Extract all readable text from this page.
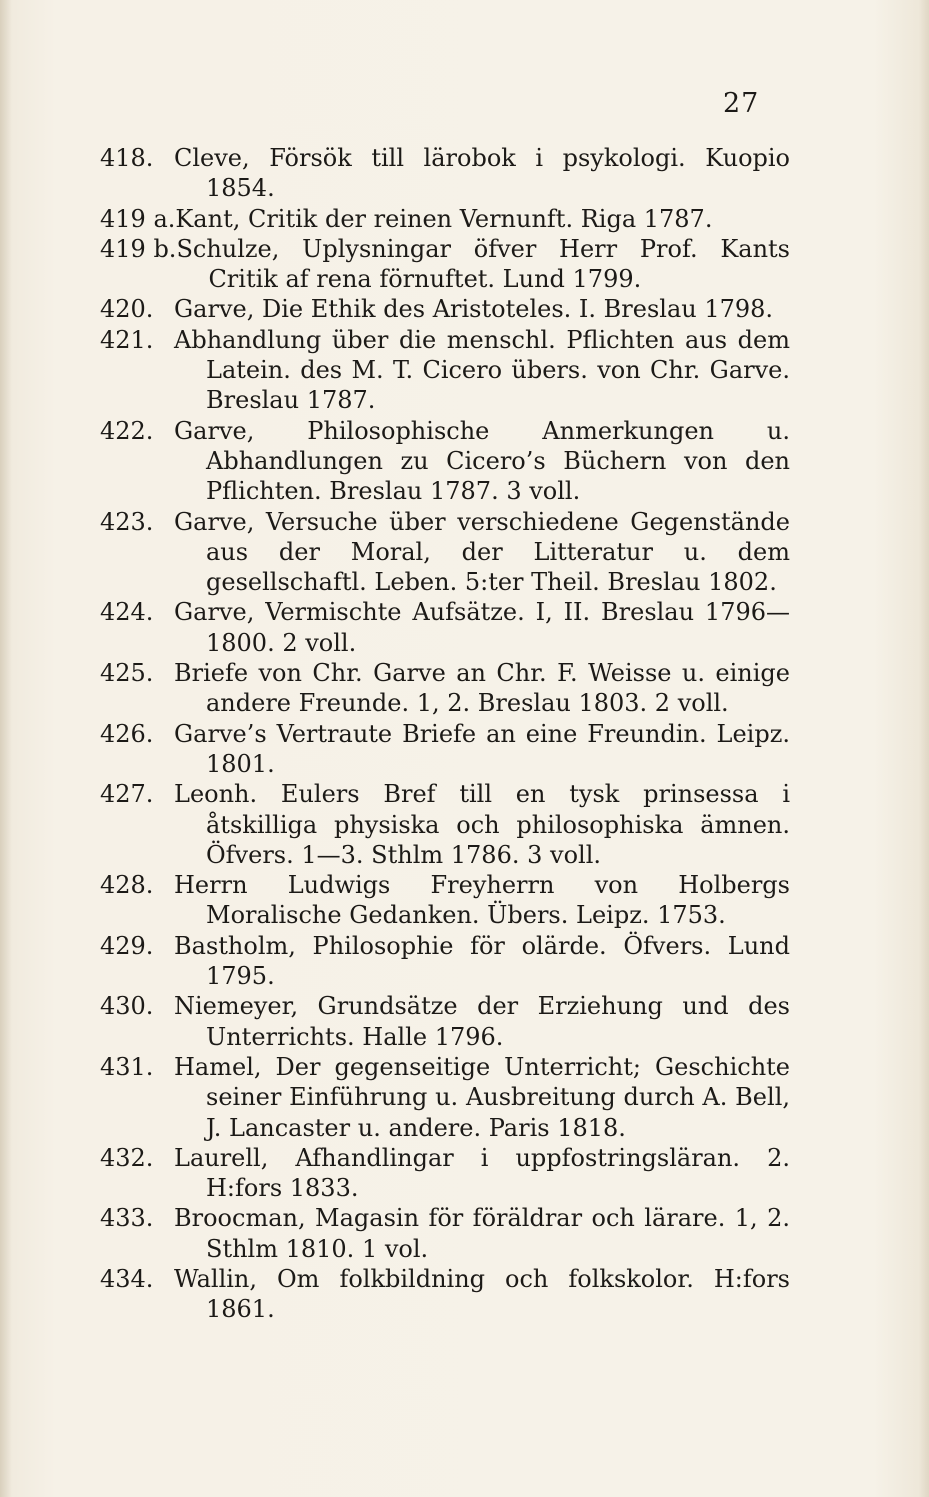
27
418. Cleve, Försök till lärobok i psykologi. Kuopio 1854.
419 a. Kant, Critik der reinen Vernunft. Riga 1787.
419 b. Schulze, Uplysningar öfver Herr Prof. Kants Critik af rena förnuftet. Lund 1799.
420. Garve, Die Ethik des Aristoteles. I. Breslau 1798.
421. Abhandlung über die menschl. Pflichten aus dem Latein. des M. T. Cicero übers. von Chr. Garve. Breslau 1787.
422. Garve, Philosophische Anmerkungen u. Abhandlungen zu Cicero’s Büchern von den Pflichten. Breslau 1787. 3 voll.
423. Garve, Versuche über verschiedene Gegenstände aus der Moral, der Litteratur u. dem gesellschaftl. Leben. 5:ter Theil. Breslau 1802.
424. Garve, Vermischte Aufsätze. I, II. Breslau 1796—1800. 2 voll.
425. Briefe von Chr. Garve an Chr. F. Weisse u. einige andere Freunde. 1, 2. Breslau 1803. 2 voll.
426. Garve’s Vertraute Briefe an eine Freundin. Leipz. 1801.
427. Leonh. Eulers Bref till en tysk prinsessa i åtskilliga physiska och philosophiska ämnen. Öfvers. 1—3. Sthlm 1786. 3 voll.
428. Herrn Ludwigs Freyherrn von Holbergs Moralische Gedanken. Übers. Leipz. 1753.
429. Bastholm, Philosophie för olärde. Öfvers. Lund 1795.
430. Niemeyer, Grundsätze der Erziehung und des Unterrichts. Halle 1796.
431. Hamel, Der gegenseitige Unterricht; Geschichte seiner Einführung u. Ausbreitung durch A. Bell, J. Lancaster u. andere. Paris 1818.
432. Laurell, Afhandlingar i uppfostringsläran. 2. H:fors 1833.
433. Broocman, Magasin för föräldrar och lärare. 1, 2. Sthlm 1810. 1 vol.
434. Wallin, Om folkbildning och folkskolor. H:fors 1861.
